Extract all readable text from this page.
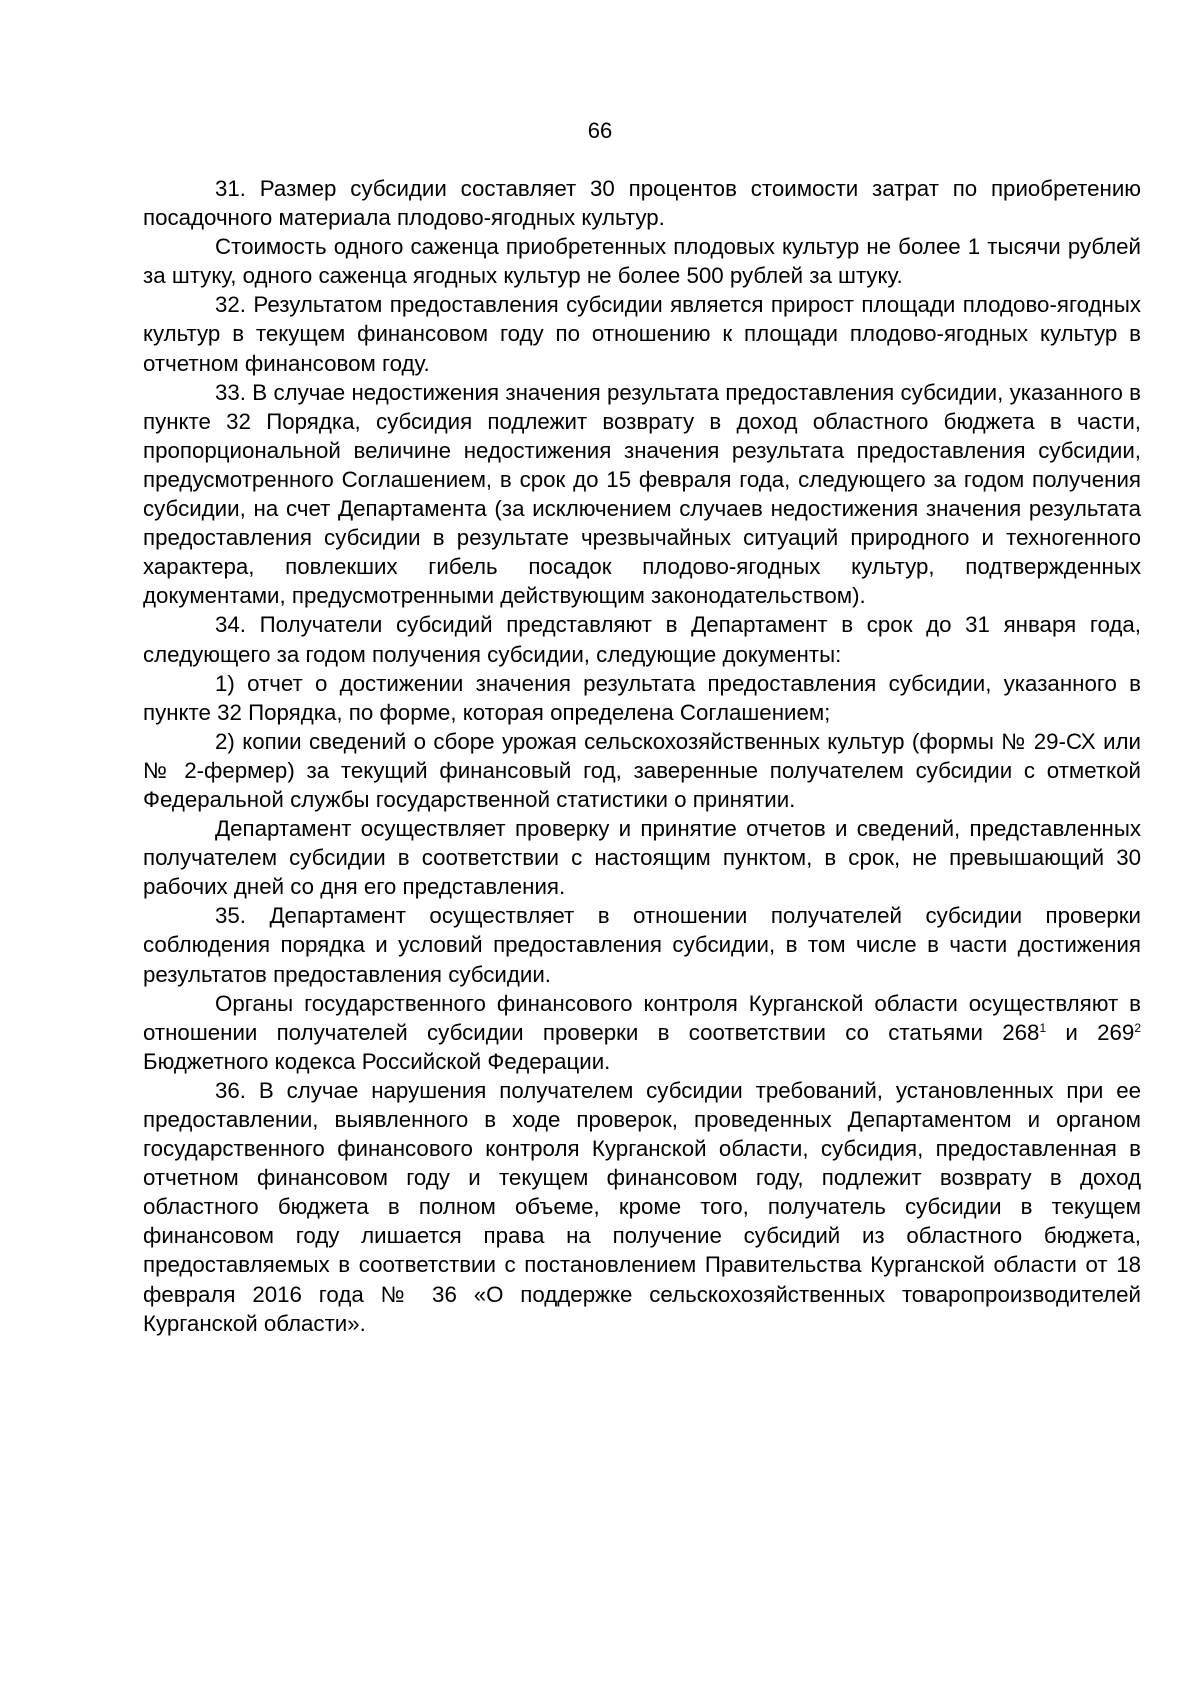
66

31. Размер субсидии составляет 30 процентов стоимости затрат по приобретению посадочного материала плодово-ягодных культур.

Стоимость одного саженца приобретенных плодовых культур не более 1 тысячи рублей за штуку, одного саженца ягодных культур не более 500 рублей за штуку.

32. Результатом предоставления субсидии является прирост площади плодово-ягодных культур в текущем финансовом году по отношению к площади плодово-ягодных культур в отчетном финансовом году.

33. В случае недостижения значения результата предоставления субсидии, указанного в пункте 32 Порядка, субсидия подлежит возврату в доход областного бюджета в части, пропорциональной величине недостижения значения результата предоставления субсидии, предусмотренного Соглашением, в срок до 15 февраля года, следующего за годом получения субсидии, на счет Департамента (за исключением случаев недостижения значения результата предоставления субсидии в результате чрезвычайных ситуаций природного и техногенного характера, повлекших гибель посадок плодово-ягодных культур, подтвержденных документами, предусмотренными действующим законодательством).

34. Получатели субсидий представляют в Департамент в срок до 31 января года, следующего за годом получения субсидии, следующие документы:

1) отчет о достижении значения результата предоставления субсидии, указанного в пункте 32 Порядка, по форме, которая определена Соглашением;

2) копии сведений о сборе урожая сельскохозяйственных культур (формы № 29-СХ или № 2-фермер) за текущий финансовый год, заверенные получателем субсидии с отметкой Федеральной службы государственной статистики о принятии.

Департамент осуществляет проверку и принятие отчетов и сведений, представленных получателем субсидии в соответствии с настоящим пунктом, в срок, не превышающий 30 рабочих дней со дня его представления.

35. Департамент осуществляет в отношении получателей субсидии проверки соблюдения порядка и условий предоставления субсидии, в том числе в части достижения результатов предоставления субсидии.

Органы государственного финансового контроля Курганской области осуществляют в отношении получателей субсидии проверки в соответствии со статьями $268^1$ и $269^2$ Бюджетного кодекса Российской Федерации.

36. В случае нарушения получателем субсидии требований, установленных при ее предоставлении, выявленного в ходе проверок, проведенных Департаментом и органом государственного финансового контроля Курганской области, субсидия, предоставленная в отчетном финансовом году и текущем финансовом году, подлежит возврату в доход областного бюджета в полном объеме, кроме того, получатель субсидии в текущем финансовом году лишается права на получение субсидий из областного бюджета, предоставляемых в соответствии с постановлением Правительства Курганской области от 18 февраля 2016 года № 36 «О поддержке сельскохозяйственных товаропроизводителей Курганской области».
